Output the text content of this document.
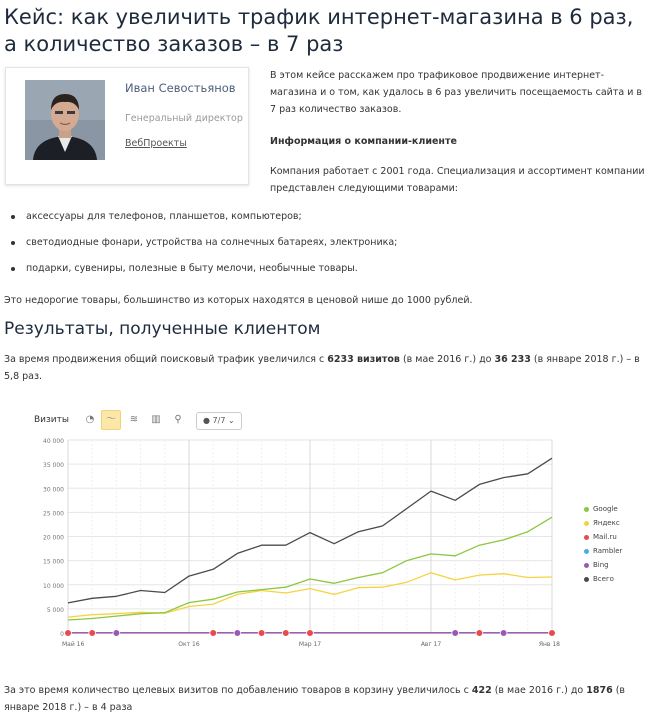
Кейс: как увеличить трафик интернет-магазина в 6 раз, а количество заказов – в 7 раз
Иван Севостьянов
Генеральный директор
ВебПроекты

В этом кейсе расскажем про трафиковое продвижение интернет-магазина и о том, как удалось в 6 раз увеличить посещаемость сайта и в 7 раз количество заказов.

Информация о компании-клиенте

Компания работает с 2001 года. Специализация и ассортимент компании представлен следующими товарами:

аксессуары для телефонов, планшетов, компьютеров;
светодиодные фонари, устройства на солнечных батареях, электроника;
подарки, сувениры, полезные в быту мелочи, необычные товары.

Это недорогие товары, большинство из которых находятся в ценовой нише до 1000 рублей.

Результаты, полученные клиентом

За время продвижения общий поисковый трафик увеличился с 6233 визитов (в мае 2016 г.) до 36 233 (в январе 2018 г.) – в 5,8 раз.

Визиты	◔	〜	≋	▥	⚲	● 7/7 ⌄
0
5 000
10 000
15 000
20 000
25 000
30 000
35 000
40 000
Май 16	Окт 16	Мар 17	Авг 17	Янв 18
Google
Яндекс
Mail.ru
Rambler
Bing
Всего

За это время количество целевых визитов по добавлению товаров в корзину увеличилось с 422 (в мае 2016 г.) до 1876 (в январе 2018 г.) – в 4 раза
